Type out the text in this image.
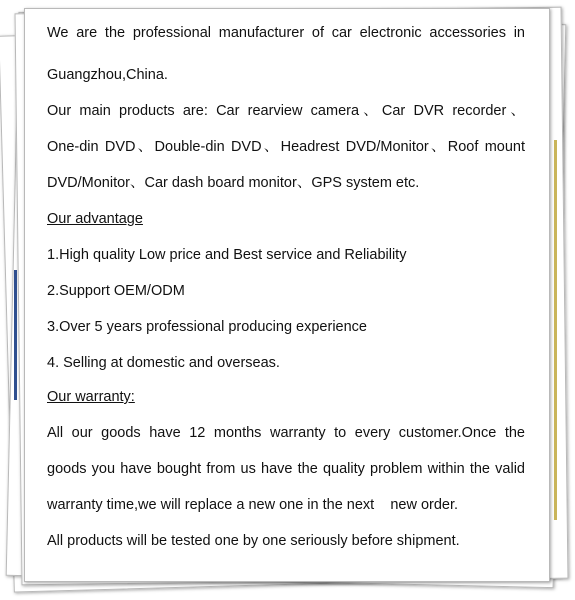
We are the professional manufacturer of car electronic accessories in
Guangzhou,China.
Our main products are: Car rearview camera、Car DVR recorder、
One-din DVD、Double-din DVD、Headrest DVD/Monitor、Roof mount
DVD/Monitor、Car dash board monitor、GPS system etc.
Our advantage
1.High quality Low price and Best service and Reliability
2.Support OEM/ODM
3.Over 5 years professional producing experience
4. Selling at domestic and overseas.
Our warranty:
All our goods have 12 months warranty to every customer.Once the
goods you have bought from us have the quality problem within the valid
warranty time,we will replace a new one in the next    new order.
All products will be tested one by one seriously before shipment.
